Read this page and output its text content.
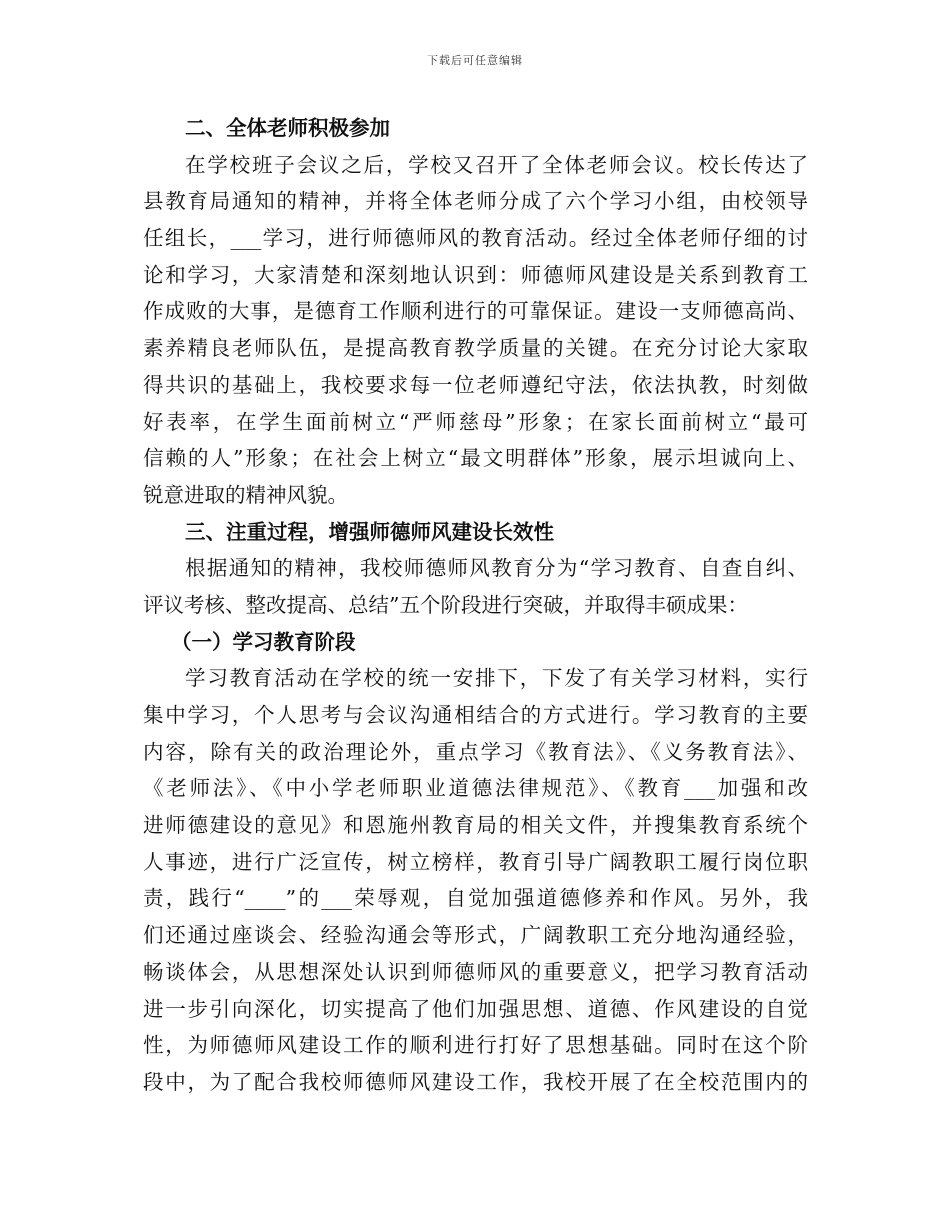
下载后可任意编辑
二、全体老师积极参加
在学校班子会议之后，学校又召开了全体老师会议。校长传达了
县教育局通知的精神，并将全体老师分成了六个学习小组，由校领导
任组长，___学习，进行师德师风的教育活动。经过全体老师仔细的讨
论和学习，大家清楚和深刻地认识到：师德师风建设是关系到教育工
作成败的大事，是德育工作顺利进行的可靠保证。建设一支师德高尚、
素养精良老师队伍，是提高教育教学质量的关键。在充分讨论大家取
得共识的基础上，我校要求每一位老师遵纪守法，依法执教，时刻做
好表率，在学生面前树立“严师慈母”形象；在家长面前树立“最可
信赖的人”形象；在社会上树立“最文明群体”形象，展示坦诚向上、
锐意进取的精神风貌。
三、注重过程，增强师德师风建设长效性
根据通知的精神，我校师德师风教育分为“学习教育、自查自纠、
评议考核、整改提高、总结”五个阶段进行突破，并取得丰硕成果：
（一）学习教育阶段
学习教育活动在学校的统一安排下，下发了有关学习材料，实行
集中学习，个人思考与会议沟通相结合的方式进行。学习教育的主要
内容，除有关的政治理论外，重点学习《教育法》、《义务教育法》、
《老师法》、《中小学老师职业道德法律规范》、《教育___加强和改
进师德建设的意见》和恩施州教育局的相关文件，并搜集教育系统个
人事迹，进行广泛宣传，树立榜样，教育引导广阔教职工履行岗位职
责，践行“____”的___荣辱观，自觉加强道德修养和作风。另外，我
们还通过座谈会、经验沟通会等形式，广阔教职工充分地沟通经验，
畅谈体会，从思想深处认识到师德师风的重要意义，把学习教育活动
进一步引向深化，切实提高了他们加强思想、道德、作风建设的自觉
性，为师德师风建设工作的顺利进行打好了思想基础。同时在这个阶
段中，为了配合我校师德师风建设工作，我校开展了在全校范围内的
